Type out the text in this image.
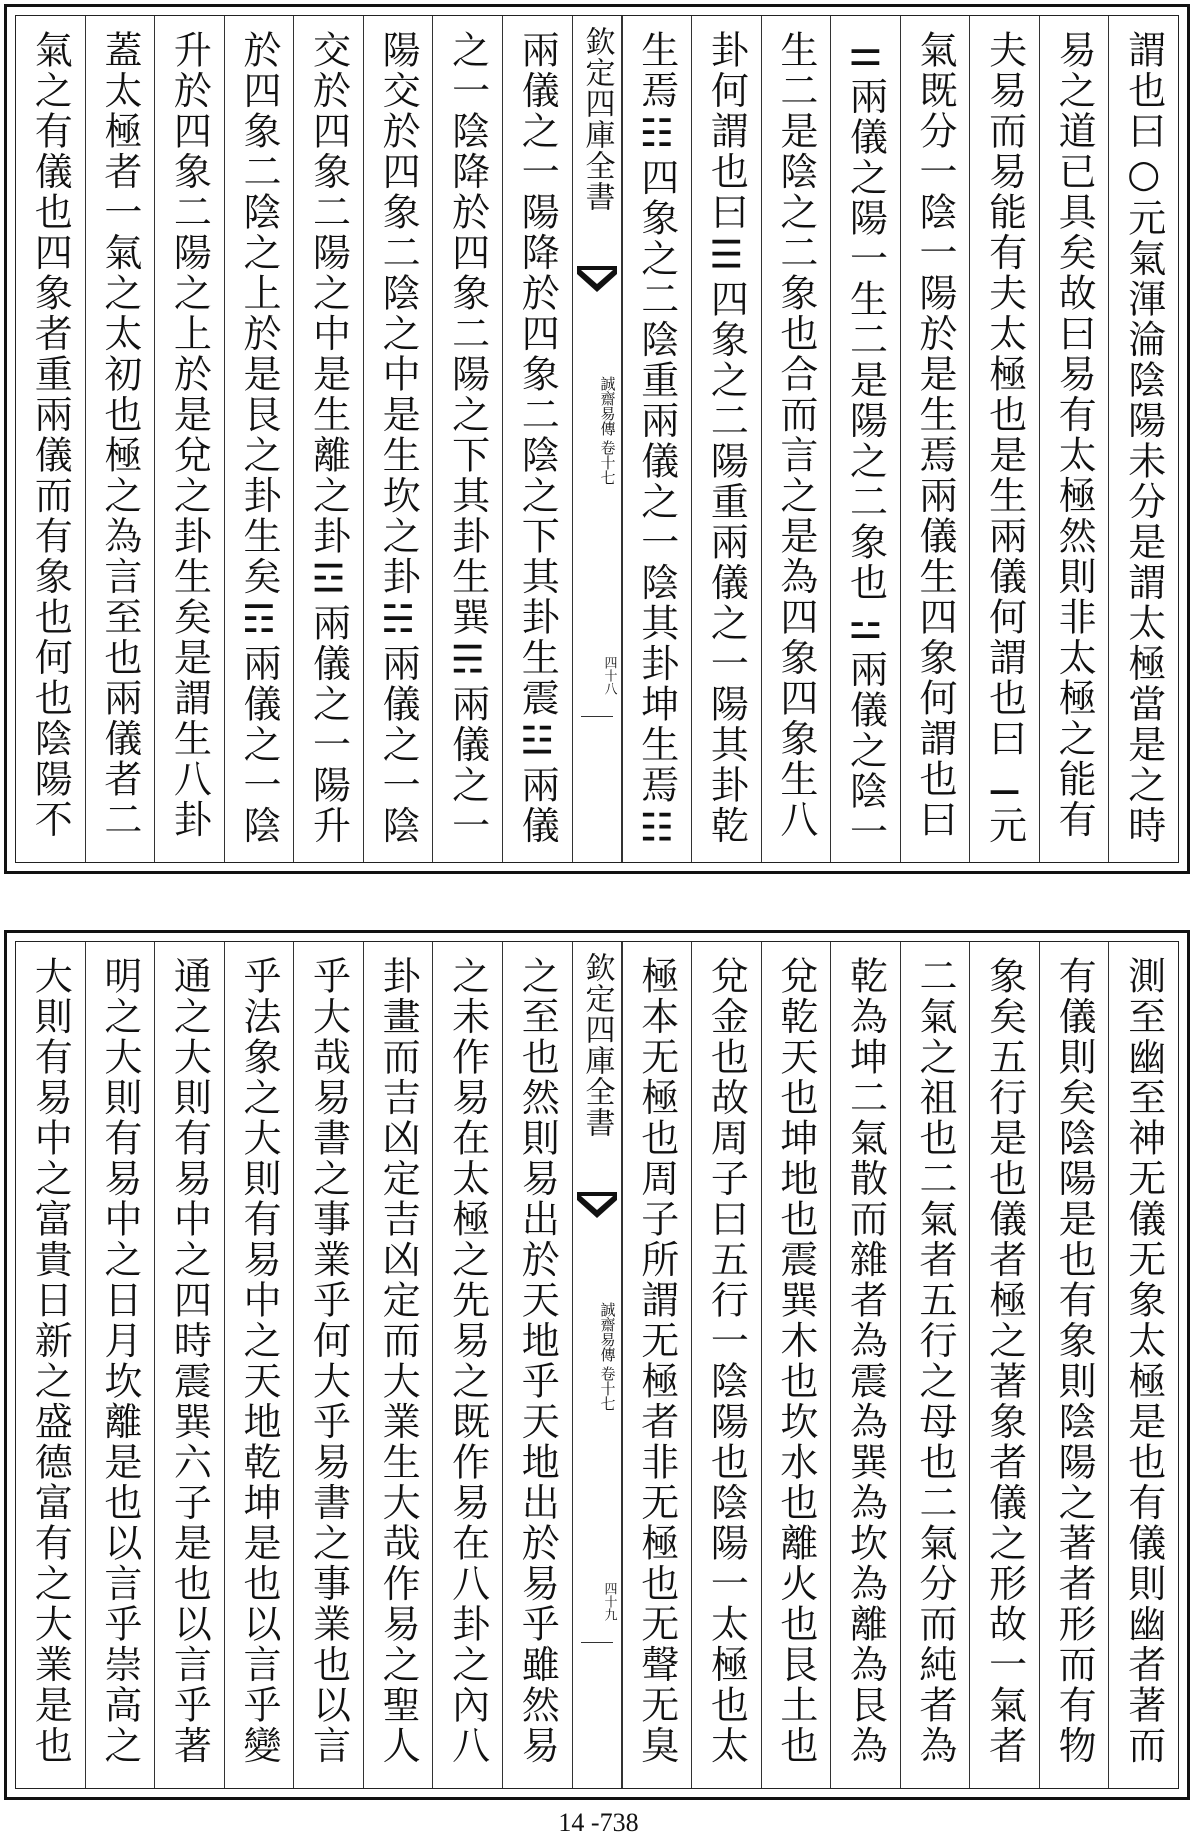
謂也曰○元氣渾淪陰陽未分是謂太極當是之時
易之道已具矣故曰易有太極然則非太極之能有
夫易而易能有夫太極也是生兩儀何謂也曰⚊元
氣既分一陰一陽於是生焉兩儀生四象何謂也曰
⚌兩儀之陽一生二是陽之二象也⚍兩儀之陰一
生二是陰之二象也合而言之是為四象四象生八
卦何謂也曰☰四象之二陽重兩儀之一陽其卦乾
生焉☷四象之二陰重兩儀之一陰其卦坤生焉☷
欽定四庫全書
誠齋易傳
卷十七
四十八
兩儀之一陽降於四象二陰之下其卦生震☳兩儀
之一陰降於四象二陽之下其卦生巽☴兩儀之一
陽交於四象二陰之中是生坎之卦☵兩儀之一陰
交於四象二陽之中是生離之卦☲兩儀之一陽升
於四象二陰之上於是艮之卦生矣☶兩儀之一陰
升於四象二陽之上於是兌之卦生矣是謂生八卦
蓋太極者一氣之太初也極之為言至也兩儀者二
氣之有儀也四象者重兩儀而有象也何也陰陽不
測至幽至神无儀无象太極是也有儀則幽者著而
有儀則矣陰陽是也有象則陰陽之著者形而有物
象矣五行是也儀者極之著象者儀之形故一氣者
二氣之祖也二氣者五行之母也二氣分而純者為
乾為坤二氣散而雜者為震為巽為坎為離為艮為
兌乾天也坤地也震巽木也坎水也離火也艮土也
兌金也故周子曰五行一陰陽也陰陽一太極也太
極本无極也周子所謂无極者非无極也无聲无臭
欽定四庫全書
誠齋易傳
卷十七
四十九
之至也然則易出於天地乎天地出於易乎雖然易
之未作易在太極之先易之既作易在八卦之內八
卦畫而吉凶定吉凶定而大業生大哉作易之聖人
乎大哉易書之事業乎何大乎易書之事業也以言
乎法象之大則有易中之天地乾坤是也以言乎變
通之大則有易中之四時震巽六子是也以言乎著
明之大則有易中之日月坎離是也以言乎崇高之
大則有易中之富貴日新之盛德富有之大業是也
14 -738
